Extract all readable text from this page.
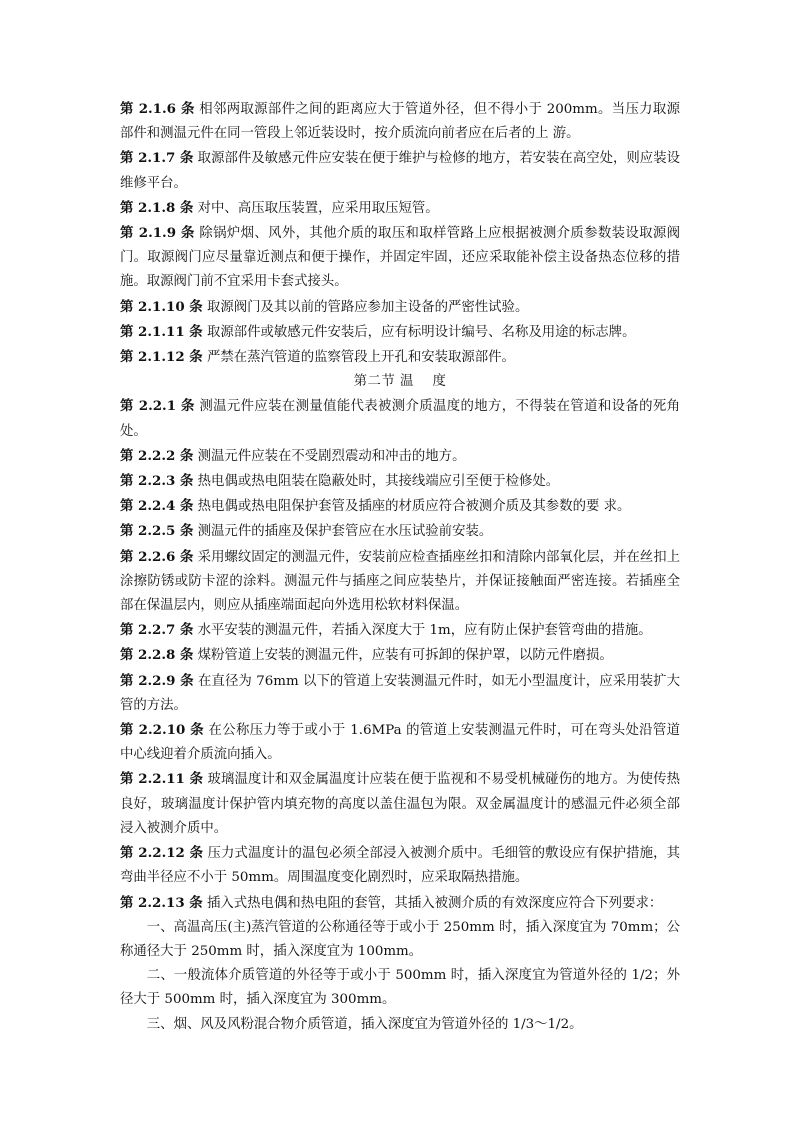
第 2.1.6 条 相邻两取源部件之间的距离应大于管道外径，但不得小于 200mm。当压力取源部件和测温元件在同一管段上邻近装设时，按介质流向前者应在后者的上 游。

第 2.1.7 条 取源部件及敏感元件应安装在便于维护与检修的地方，若安装在高空处，则应装设维修平台。

第 2.1.8 条 对中、高压取压装置，应采用取压短管。

第 2.1.9 条 除锅炉烟、风外，其他介质的取压和取样管路上应根据被测介质参数装设取源阀门。取源阀门应尽量靠近测点和便于操作，并固定牢固，还应采取能补偿主设备热态位移的措施。取源阀门前不宜采用卡套式接头。

第 2.1.10 条 取源阀门及其以前的管路应参加主设备的严密性试验。

第 2.1.11 条 取源部件或敏感元件安装后，应有标明设计编号、名称及用途的标志牌。

第 2.1.12 条 严禁在蒸汽管道的监察管段上开孔和安装取源部件。

第二节 温　 度

第 2.2.1 条 测温元件应装在测量值能代表被测介质温度的地方，不得装在管道和设备的死角处。

第 2.2.2 条 测温元件应装在不受剧烈震动和冲击的地方。

第 2.2.3 条 热电偶或热电阻装在隐蔽处时，其接线端应引至便于检修处。

第 2.2.4 条 热电偶或热电阻保护套管及插座的材质应符合被测介质及其参数的要 求。

第 2.2.5 条 测温元件的插座及保护套管应在水压试验前安装。

第 2.2.6 条 采用螺纹固定的测温元件，安装前应检查插座丝扣和清除内部氧化层，并在丝扣上涂擦防锈或防卡涩的涂料。测温元件与插座之间应装垫片，并保证接触面严密连接。若插座全部在保温层内，则应从插座端面起向外选用松软材料保温。

第 2.2.7 条 水平安装的测温元件，若插入深度大于 1m，应有防止保护套管弯曲的措施。

第 2.2.8 条 煤粉管道上安装的测温元件，应装有可拆卸的保护罩，以防元件磨损。

第 2.2.9 条 在直径为 76mm 以下的管道上安装测温元件时，如无小型温度计，应采用装扩大管的方法。

第 2.2.10 条 在公称压力等于或小于 1.6MPa 的管道上安装测温元件时，可在弯头处沿管道中心线迎着介质流向插入。

第 2.2.11 条 玻璃温度计和双金属温度计应装在便于监视和不易受机械碰伤的地方。为使传热良好，玻璃温度计保护管内填充物的高度以盖住温包为限。双金属温度计的感温元件必须全部浸入被测介质中。

第 2.2.12 条 压力式温度计的温包必须全部浸入被测介质中。毛细管的敷设应有保护措施，其弯曲半径应不小于 50mm。周围温度变化剧烈时，应采取隔热措施。

第 2.2.13 条 插入式热电偶和热电阻的套管，其插入被测介质的有效深度应符合下列要求：

一、高温高压(主)蒸汽管道的公称通径等于或小于 250mm 时，插入深度宜为 70mm；公称通径大于 250mm 时，插入深度宜为 100mm。

二、一般流体介质管道的外径等于或小于 500mm 时，插入深度宜为管道外径的 1/2；外径大于 500mm 时，插入深度宜为 300mm。

三、烟、风及风粉混合物介质管道，插入深度宜为管道外径的 1/3～1/2。
